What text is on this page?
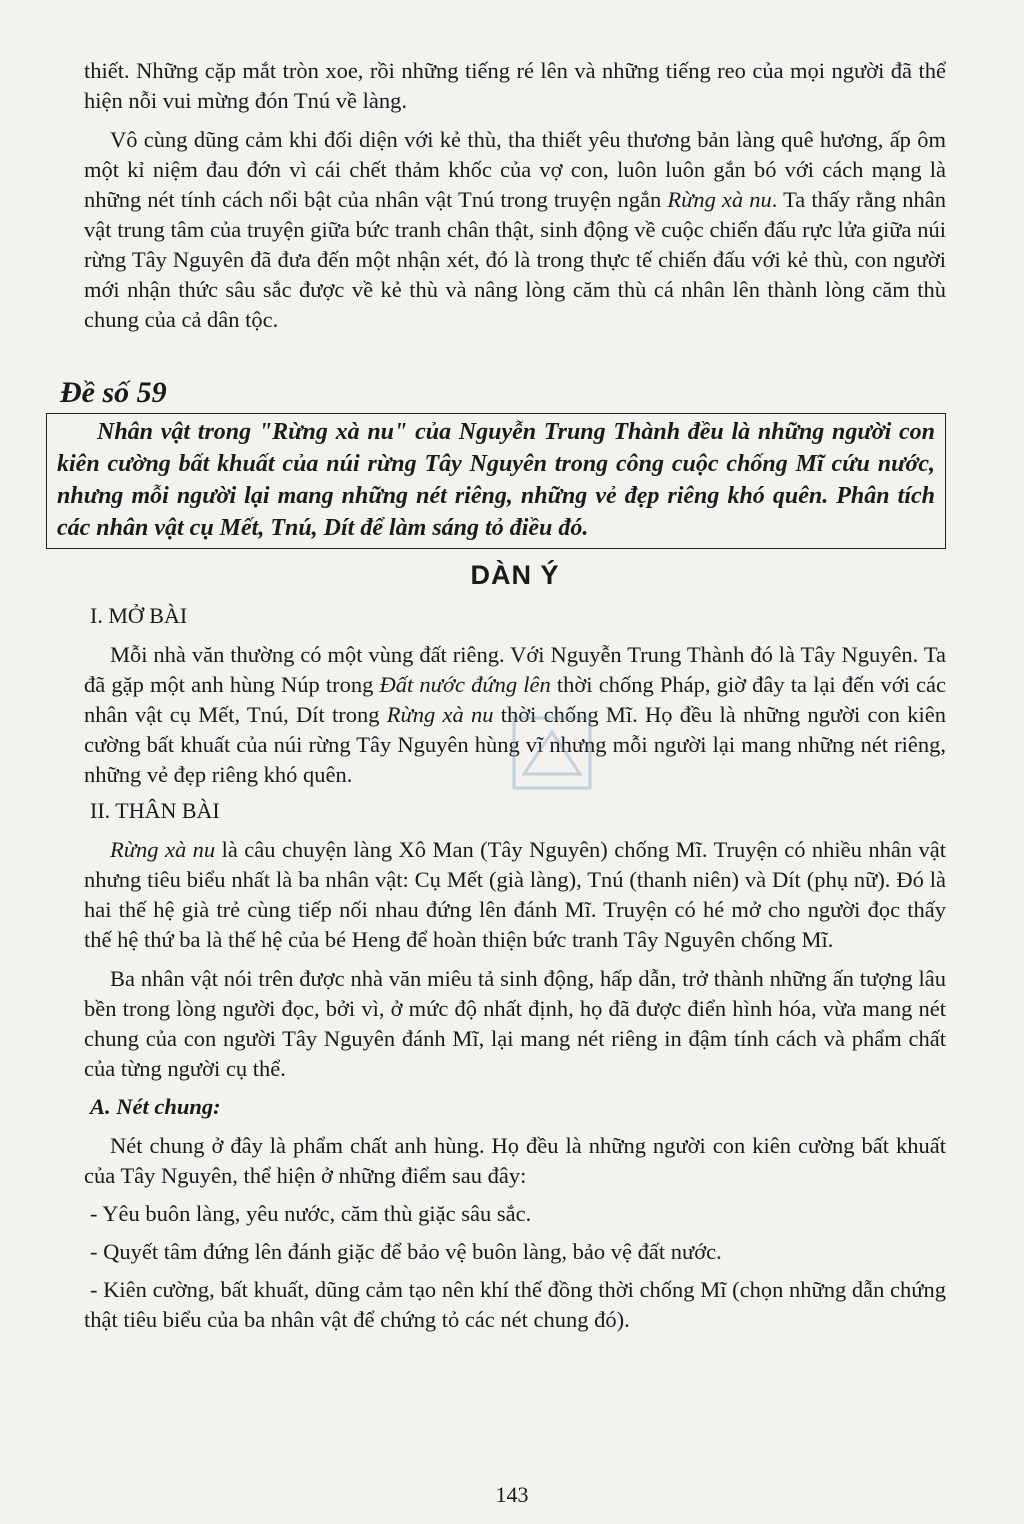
thiết. Những cặp mắt tròn xoe, rồi những tiếng ré lên và những tiếng reo của mọi người đã thể hiện nỗi vui mừng đón Tnú về làng.

Vô cùng dũng cảm khi đối diện với kẻ thù, tha thiết yêu thương bản làng quê hương, ấp ôm một kỉ niệm đau đớn vì cái chết thảm khốc của vợ con, luôn luôn gắn bó với cách mạng là những nét tính cách nổi bật của nhân vật Tnú trong truyện ngắn Rừng xà nu. Ta thấy rằng nhân vật trung tâm của truyện giữa bức tranh chân thật, sinh động về cuộc chiến đấu rực lửa giữa núi rừng Tây Nguyên đã đưa đến một nhận xét, đó là trong thực tế chiến đấu với kẻ thù, con người mới nhận thức sâu sắc được về kẻ thù và nâng lòng căm thù cá nhân lên thành lòng căm thù chung của cả dân tộc.

Đề số 59

Nhân vật trong "Rừng xà nu" của Nguyễn Trung Thành đều là những người con kiên cường bất khuất của núi rừng Tây Nguyên trong công cuộc chống Mĩ cứu nước, nhưng mỗi người lại mang những nét riêng, những vẻ đẹp riêng khó quên. Phân tích các nhân vật cụ Mết, Tnú, Dít để làm sáng tỏ điều đó.

DÀN Ý
I. MỞ BÀI

Mỗi nhà văn thường có một vùng đất riêng. Với Nguyễn Trung Thành đó là Tây Nguyên. Ta đã gặp một anh hùng Núp trong Đất nước đứng lên thời chống Pháp, giờ đây ta lại đến với các nhân vật cụ Mết, Tnú, Dít trong Rừng xà nu thời chống Mĩ. Họ đều là những người con kiên cường bất khuất của núi rừng Tây Nguyên hùng vĩ nhưng mỗi người lại mang những nét riêng, những vẻ đẹp riêng khó quên.

II. THÂN BÀI

Rừng xà nu là câu chuyện làng Xô Man (Tây Nguyên) chống Mĩ. Truyện có nhiều nhân vật nhưng tiêu biểu nhất là ba nhân vật: Cụ Mết (già làng), Tnú (thanh niên) và Dít (phụ nữ). Đó là hai thế hệ già trẻ cùng tiếp nối nhau đứng lên đánh Mĩ. Truyện có hé mở cho người đọc thấy thế hệ thứ ba là thế hệ của bé Heng để hoàn thiện bức tranh Tây Nguyên chống Mĩ.

Ba nhân vật nói trên được nhà văn miêu tả sinh động, hấp dẫn, trở thành những ấn tượng lâu bền trong lòng người đọc, bởi vì, ở mức độ nhất định, họ đã được điển hình hóa, vừa mang nét chung của con người Tây Nguyên đánh Mĩ, lại mang nét riêng in đậm tính cách và phẩm chất của từng người cụ thể.

A. Nét chung:

Nét chung ở đây là phẩm chất anh hùng. Họ đều là những người con kiên cường bất khuất của Tây Nguyên, thể hiện ở những điểm sau đây:

- Yêu buôn làng, yêu nước, căm thù giặc sâu sắc.

- Quyết tâm đứng lên đánh giặc để bảo vệ buôn làng, bảo vệ đất nước.

- Kiên cường, bất khuất, dũng cảm tạo nên khí thế đồng thời chống Mĩ (chọn những dẫn chứng thật tiêu biểu của ba nhân vật để chứng tỏ các nét chung đó).

143
